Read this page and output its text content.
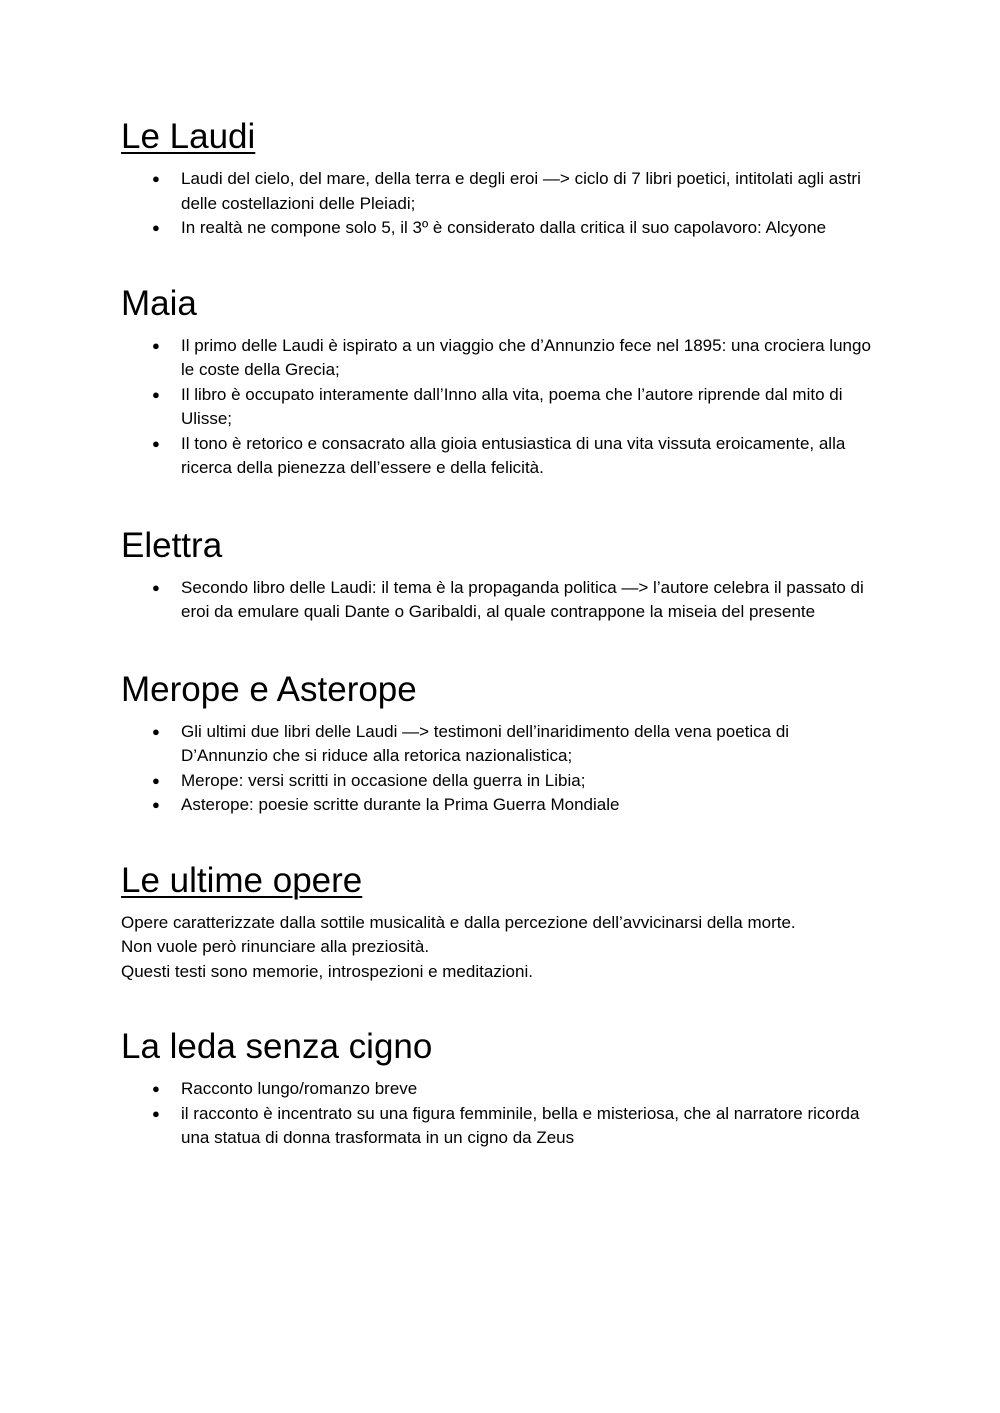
Le Laudi
● Laudi del cielo, del mare, della terra e degli eroi —> ciclo di 7 libri poetici, intitolati agli astri delle costellazioni delle Pleiadi;
● In realtà ne compone solo 5, il 3º è considerato dalla critica il suo capolavoro: Alcyone
Maia
● Il primo delle Laudi è ispirato a un viaggio che d’Annunzio fece nel 1895: una crociera lungo le coste della Grecia;
● Il libro è occupato interamente dall’Inno alla vita, poema che l’autore riprende dal mito di Ulisse;
● Il tono è retorico e consacrato alla gioia entusiastica di una vita vissuta eroicamente, alla ricerca della pienezza dell’essere e della felicità.
Elettra
● Secondo libro delle Laudi: il tema è la propaganda politica —> l’autore celebra il passato di eroi da emulare quali Dante o Garibaldi, al quale contrappone la miseia del presente
Merope e Asterope
● Gli ultimi due libri delle Laudi —> testimoni dell’inaridimento della vena poetica di D’Annunzio che si riduce alla retorica nazionalistica;
● Merope: versi scritti in occasione della guerra in Libia;
● Asterope: poesie scritte durante la Prima Guerra Mondiale
Le ultime opere

Opere caratterizzate dalla sottile musicalità e dalla percezione dell’avvicinarsi della morte.

Non vuole però rinunciare alla preziosità.

Questi testi sono memorie, introspezioni e meditazioni.

La leda senza cigno
● Racconto lungo/romanzo breve
● il racconto è incentrato su una figura femminile, bella e misteriosa, che al narratore ricorda una statua di donna trasformata in un cigno da Zeus
